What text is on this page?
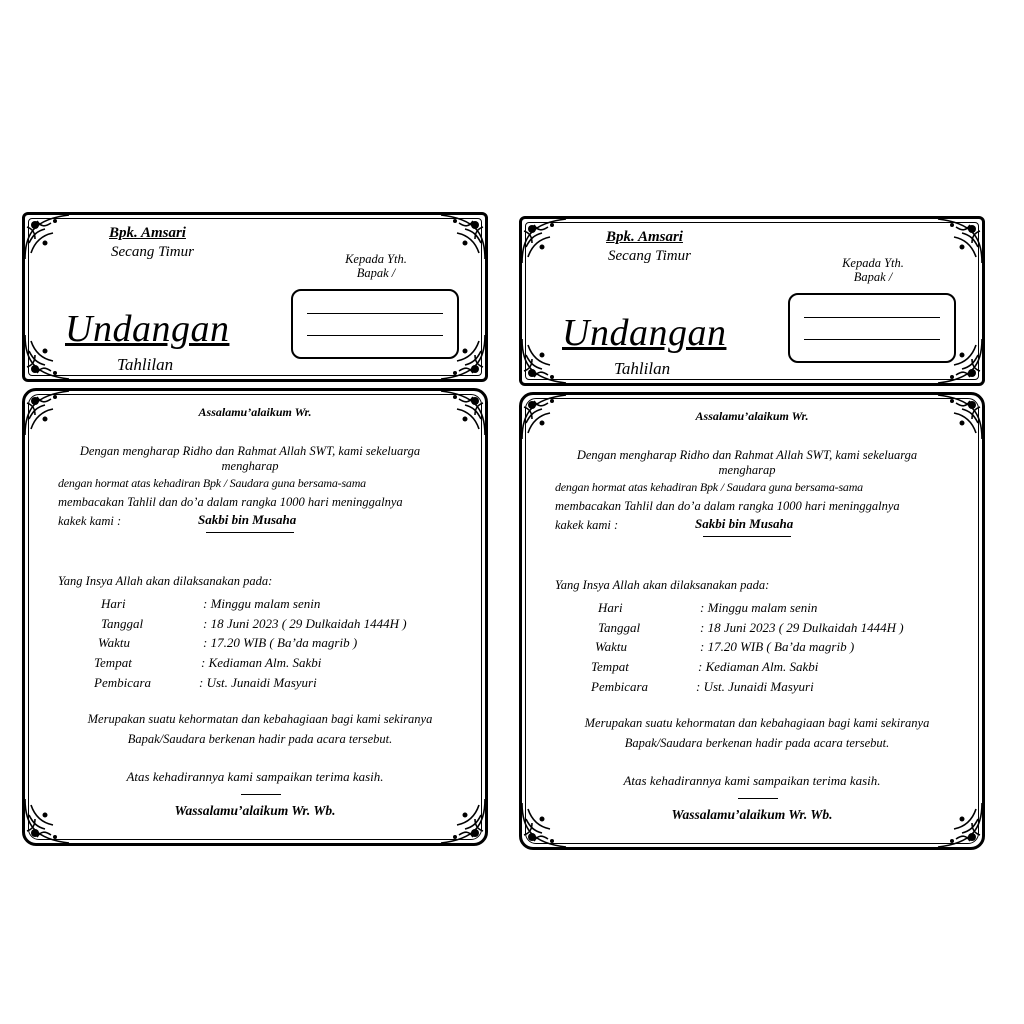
Bpk. Amsari
Secang Timur	Kepada Yth.
Bapak /
Undangan
Tahlilan
Assalamu’alaikum Wr.
Dengan mengharap Ridho dan Rahmat Allah SWT, kami sekeluarga mengharap
dengan hormat atas kehadiran Bpk / Saudara guna bersama-sama
membacakan Tahlil dan do’a dalam rangka 1000 hari meninggalnya
kakek kami :	Sakbi bin Musaha
Yang Insya Allah akan dilaksanakan pada:
Hari	: Minggu malam senin
Tanggal	: 18 Juni 2023 ( 29 Dulkaidah 1444H )
Waktu	: 17.20 WIB ( Ba’da magrib )
Tempat	: Kediaman Alm. Sakbi
Pembicara	: Ust. Junaidi Masyuri
Merupakan suatu kehormatan dan kebahagiaan bagi kami sekiranya Bapak/Saudara berkenan hadir pada acara tersebut.
Atas kehadirannya kami sampaikan terima kasih.
Wassalamu’alaikum Wr. Wb.
Bpk. Amsari
Secang Timur	Kepada Yth.
Bapak /
Undangan
Tahlilan
Assalamu’alaikum Wr.
Dengan mengharap Ridho dan Rahmat Allah SWT, kami sekeluarga mengharap
dengan hormat atas kehadiran Bpk / Saudara guna bersama-sama
membacakan Tahlil dan do’a dalam rangka 1000 hari meninggalnya
kakek kami :	Sakbi bin Musaha
Yang Insya Allah akan dilaksanakan pada:
Hari	: Minggu malam senin
Tanggal	: 18 Juni 2023 ( 29 Dulkaidah 1444H )
Waktu	: 17.20 WIB ( Ba’da magrib )
Tempat	: Kediaman Alm. Sakbi
Pembicara	: Ust. Junaidi Masyuri
Merupakan suatu kehormatan dan kebahagiaan bagi kami sekiranya Bapak/Saudara berkenan hadir pada acara tersebut.
Atas kehadirannya kami sampaikan terima kasih.
Wassalamu’alaikum Wr. Wb.
